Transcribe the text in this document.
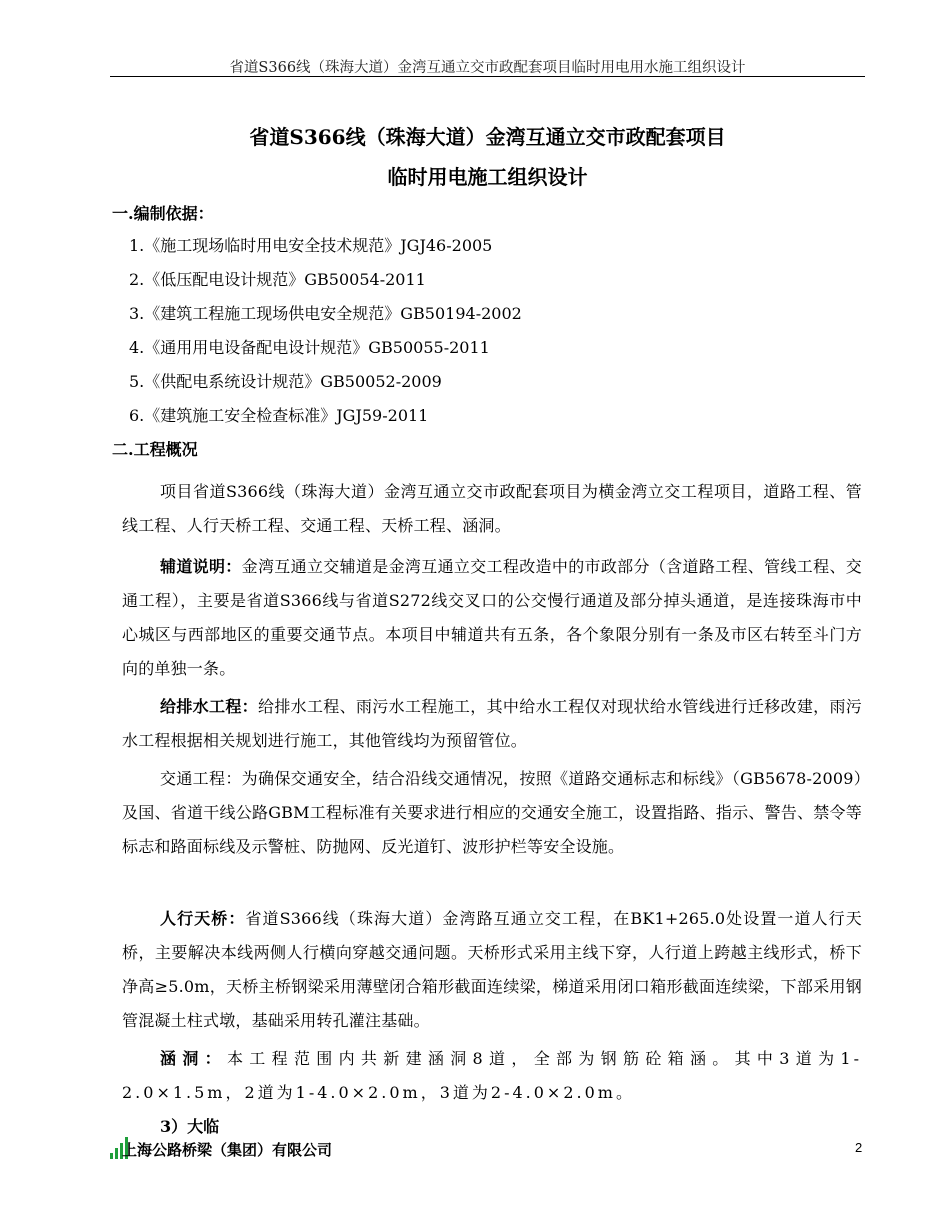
省道S366线（珠海大道）金湾互通立交市政配套项目临时用电用水施工组织设计
省道S366线（珠海大道）金湾互通立交市政配套项目
临时用电施工组织设计
一.编制依据：
1.《施工现场临时用电安全技术规范》JGJ46-2005
2.《低压配电设计规范》GB50054-2011
3.《建筑工程施工现场供电安全规范》GB50194-2002
4.《通用用电设备配电设计规范》GB50055-2011
5.《供配电系统设计规范》GB50052-2009
6.《建筑施工安全检查标准》JGJ59-2011
二.工程概况
项目省道S366线（珠海大道）金湾互通立交市政配套项目为横金湾立交工程项目，道路工程、管线工程、人行天桥工程、交通工程、天桥工程、涵洞。
辅道说明：金湾互通立交辅道是金湾互通立交工程改造中的市政部分（含道路工程、管线工程、交通工程），主要是省道S366线与省道S272线交叉口的公交慢行通道及部分掉头通道，是连接珠海市中心城区与西部地区的重要交通节点。本项目中辅道共有五条，各个象限分别有一条及市区右转至斗门方向的单独一条。
给排水工程：给排水工程、雨污水工程施工，其中给水工程仅对现状给水管线进行迁移改建，雨污水工程根据相关规划进行施工，其他管线均为预留管位。
交通工程：为确保交通安全，结合沿线交通情况，按照《道路交通标志和标线》（GB5678-2009）及国、省道干线公路GBM工程标准有关要求进行相应的交通安全施工，设置指路、指示、警告、禁令等标志和路面标线及示警桩、防抛网、反光道钉、波形护栏等安全设施。
人行天桥：省道S366线（珠海大道）金湾路互通立交工程，在BK1+265.0处设置一道人行天桥，主要解决本线两侧人行横向穿越交通问题。天桥形式采用主线下穿，人行道上跨越主线形式，桥下净高≥5.0m，天桥主桥钢梁采用薄壁闭合箱形截面连续梁，梯道采用闭口箱形截面连续梁，下部采用钢管混凝土柱式墩，基础采用转孔灌注基础。
涵洞：本工程范围内共新建涵洞8道，全部为钢筋砼箱涵。其中3道为1-2.0×1.5m，2道为1-4.0×2.0m，3道为2-4.0×2.0m。
3）大临
上海公路桥梁（集团）有限公司	2
